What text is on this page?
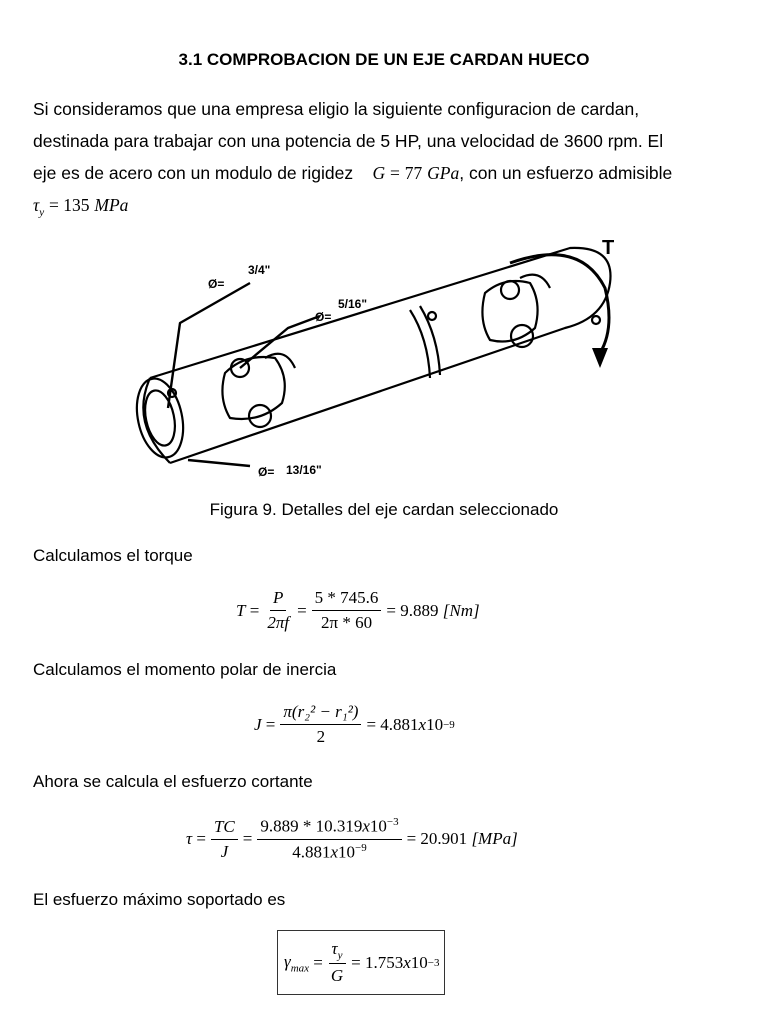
3.1 COMPROBACION DE UN EJE CARDAN HUECO
Si consideramos que una empresa eligio la siguiente configuracion de cardan,
destinada para trabajar con una potencia de 5 HP, una velocidad de 3600 rpm. El
eje es de acero con un modulo de rigidez G = 77 GPa, con un esfuerzo admisible
$\tau_y = 135$ MPa
T
Ø=
3/4"
Ø=
5/16"
Ø= 13/16"
Figura 9. Detalles del eje cardan seleccionado
Calculamos el torque
$T = \frac{P}{2\pi f} = \frac{5 * 745.6}{2\pi * 60} = 9.889$
[Nm]
Calculamos el momento polar de inercia
$J = \frac{\text{π(r₂² − r₁²)}}{2} = 4.881$ x 10 −9
Ahora se calcula el esfuerzo cortante
$\tau = \frac{TC}{J} = \frac{9.889 * 10.319x10^{-3}}{4.881x10^{-9}} = 20.901$
[MPa]
El esfuerzo máximo soportado es
$\gamma_{max} = \frac{\tau_y}{G} = 1.753$ x 10 −3
